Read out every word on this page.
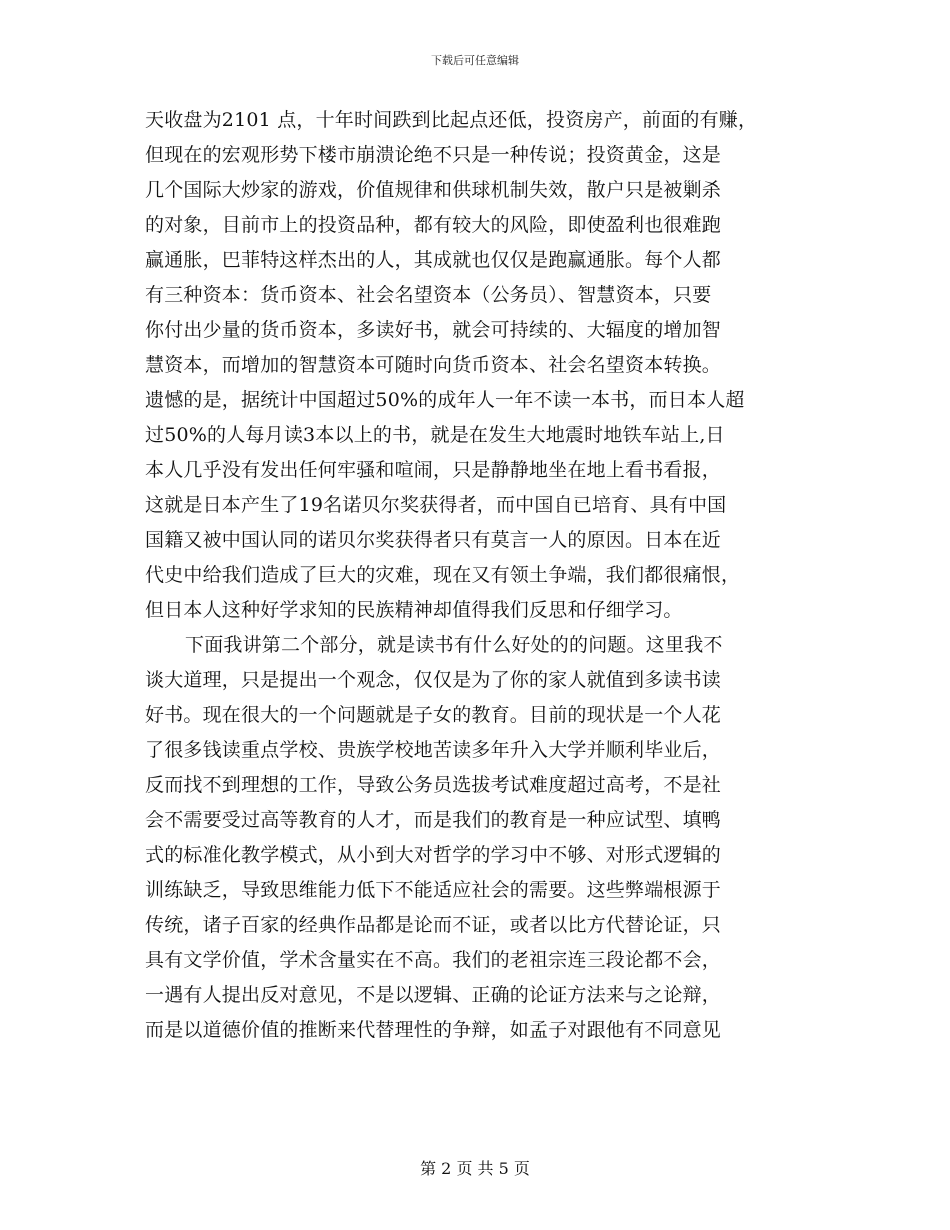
下载后可任意编辑
天收盘为2101 点，十年时间跌到比起点还低，投资房产，前面的有赚，
但现在的宏观形势下楼市崩溃论绝不只是一种传说；投资黄金，这是
几个国际大炒家的游戏，价值规律和供球机制失效，散户只是被剿杀
的对象，目前市上的投资品种，都有较大的风险，即使盈利也很难跑
赢通胀，巴菲特这样杰出的人，其成就也仅仅是跑赢通胀。每个人都
有三种资本：货币资本、社会名望资本（公务员）、智慧资本，只要
你付出少量的货币资本，多读好书，就会可持续的、大辐度的增加智
慧资本，而增加的智慧资本可随时向货币资本、社会名望资本转换。
遗憾的是，据统计中国超过50%的成年人一年不读一本书，而日本人超
过50%的人每月读3本以上的书，就是在发生大地震时地铁车站上,日
本人几乎没有发出任何牢骚和喧闹，只是静静地坐在地上看书看报，
这就是日本产生了19名诺贝尔奖获得者，而中国自已培育、具有中国
国籍又被中国认同的诺贝尔奖获得者只有莫言一人的原因。日本在近
代史中给我们造成了巨大的灾难，现在又有领土争端，我们都很痛恨，
但日本人这种好学求知的民族精神却值得我们反思和仔细学习。
下面我讲第二个部分，就是读书有什么好处的的问题。这里我不
谈大道理，只是提出一个观念，仅仅是为了你的家人就值到多读书读
好书。现在很大的一个问题就是子女的教育。目前的现状是一个人花
了很多钱读重点学校、贵族学校地苦读多年升入大学并顺利毕业后，
反而找不到理想的工作，导致公务员选拔考试难度超过高考，不是社
会不需要受过高等教育的人才，而是我们的教育是一种应试型、填鸭
式的标准化教学模式，从小到大对哲学的学习中不够、对形式逻辑的
训练缺乏，导致思维能力低下不能适应社会的需要。这些弊端根源于
传统，诸子百家的经典作品都是论而不证，或者以比方代替论证，只
具有文学价值，学术含量实在不高。我们的老祖宗连三段论都不会，
一遇有人提出反对意见，不是以逻辑、正确的论证方法来与之论辩，
而是以道德价值的推断来代替理性的争辩，如孟子对跟他有不同意见
第 2 页 共 5 页
